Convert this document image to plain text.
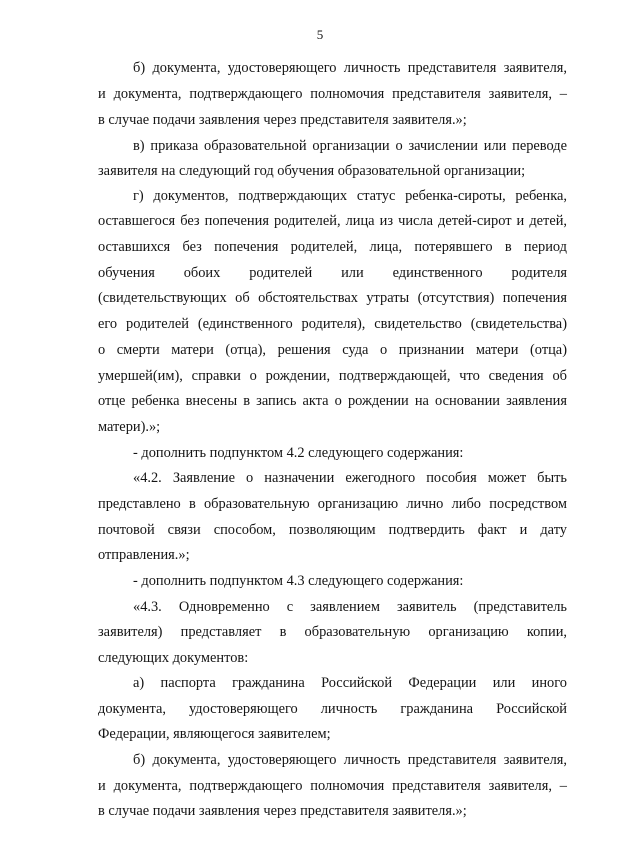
5
б) документа, удостоверяющего личность представителя заявителя,
и документа, подтверждающего полномочия представителя заявителя, –
в случае подачи заявления через представителя заявителя.»;
в) приказа образовательной организации о зачислении или переводе
заявителя на следующий год обучения образовательной организации;
г) документов, подтверждающих статус ребенка-сироты, ребенка,
оставшегося без попечения родителей, лица из числа детей-сирот и детей,
оставшихся без попечения родителей, лица, потерявшего в период
обучения обоих родителей или единственного родителя
(свидетельствующих об обстоятельствах утраты (отсутствия) попечения
его родителей (единственного родителя), свидетельство (свидетельства)
о смерти матери (отца), решения суда о признании матери (отца)
умершей(им), справки о рождении, подтверждающей, что сведения об
отце ребенка внесены в запись акта о рождении на основании заявления
матери).»;
- дополнить подпунктом 4.2 следующего содержания:
«4.2. Заявление о назначении ежегодного пособия может быть
представлено в образовательную организацию лично либо посредством
почтовой связи способом, позволяющим подтвердить факт и дату
отправления.»;
- дополнить подпунктом 4.3 следующего содержания:
«4.3. Одновременно с заявлением заявитель (представитель
заявителя) представляет в образовательную организацию копии,
следующих документов:
а) паспорта гражданина Российской Федерации или иного
документа, удостоверяющего личность гражданина Российской
Федерации, являющегося заявителем;
б) документа, удостоверяющего личность представителя заявителя,
и документа, подтверждающего полномочия представителя заявителя, –
в случае подачи заявления через представителя заявителя.»;
